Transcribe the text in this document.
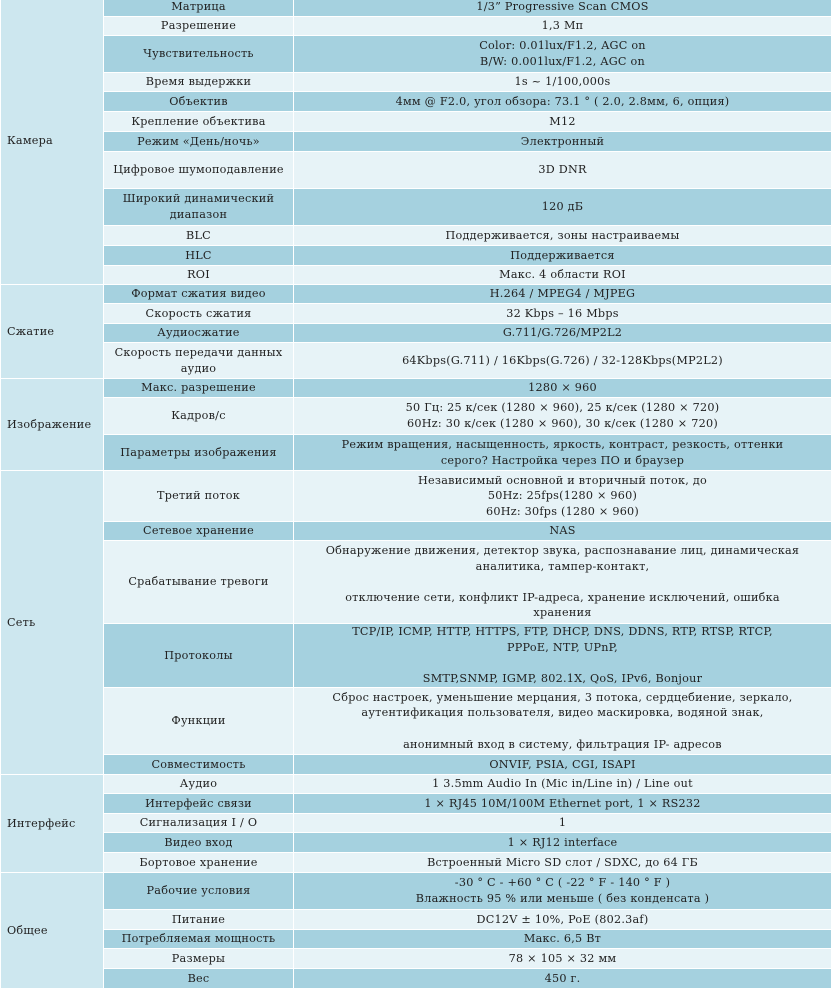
Камера	Матрица	1/3” Progressive Scan CMOS

	Разрешение	1,3 Мп

	Чувствительность	Color: 0.01lux/F1.2, AGC on
B/W: 0.001lux/F1.2, AGC on

	Время выдержки	1s ~ 1/100,000s

	Объектив	4мм @ F2.0, угол обзора: 73.1 ° ( 2.0, 2.8мм, 6, опция)

	Крепление объектива	M12

	Режим «День/ночь»	Электронный

	Цифровое шумоподавление	3D DNR

	Широкий динамический диапазон	120 дБ

	BLC	Поддерживается, зоны настраиваемы

	HLC	Поддерживается

	ROI	Макс. 4 области ROI

Сжатие	Формат сжатия видео	H.264 / MPEG4 / MJPEG

	Скорость сжатия	32 Kbps – 16 Mbps

	Аудиосжатие	G.711/G.726/MP2L2

	Скорость передачи данных аудио	64Kbps(G.711) / 16Kbps(G.726) / 32-128Kbps(MP2L2)

Изображение	Макс. разрешение	1280 × 960

	Кадров/с	50 Гц: 25 к/сек (1280 × 960), 25 к/сек (1280 × 720)
60Hz: 30 к/сек (1280 × 960), 30 к/сек (1280 × 720)

	Параметры изображения	Режим вращения, насыщенность, яркость, контраст, резкость, оттенки
серого? Настройка через ПО и браузер

Сеть	Третий поток	Независимый основной и вторичный поток, до
50Hz: 25fps(1280 × 960)
60Hz: 30fps (1280 × 960)

	Сетевое хранение	NAS

	Срабатывание тревоги	Обнаружение движения, детектор звука, распознавание лиц, динамическая
аналитика, тампер-контакт,

отключение сети, конфликт IP-адреса, хранение исключений, ошибка
хранения

	Протоколы	TCP/IP, ICMP, HTTP, HTTPS, FTP, DHCP, DNS, DDNS, RTP, RTSP, RTCP,
PPPoE, NTP, UPnP,

SMTP,SNMP, IGMP, 802.1X, QoS, IPv6, Bonjour

	Функции	Сброс настроек, уменьшение мерцания, 3 потока, сердцебиение, зеркало,
аутентификация пользователя, видео маскировка, водяной знак,

анонимный вход в систему, фильтрация IP- адресов

	Совместимость	ONVIF, PSIA, CGI, ISAPI

Интерфейс	Аудио	1 3.5mm Audio In (Mic in/Line in) / Line out

	Интерфейс связи	1 × RJ45 10M/100M Ethernet port, 1 × RS232

	Сигнализация I / O	1

	Видео вход	1 × RJ12 interface

	Бортовое хранение	Встроенный Micro SD слот / SDXC, до 64 ГБ

Общее	Рабочие условия	-30 ° C - +60 ° C ( -22 ° F - 140 ° F )
Влажность 95 % или меньше ( без конденсата )

	Питание	DC12V ± 10%, PoE (802.3af)

	Потребляемая мощность	Макс. 6,5 Вт

	Размеры	78 × 105 × 32 мм

	Вес	450 г.
